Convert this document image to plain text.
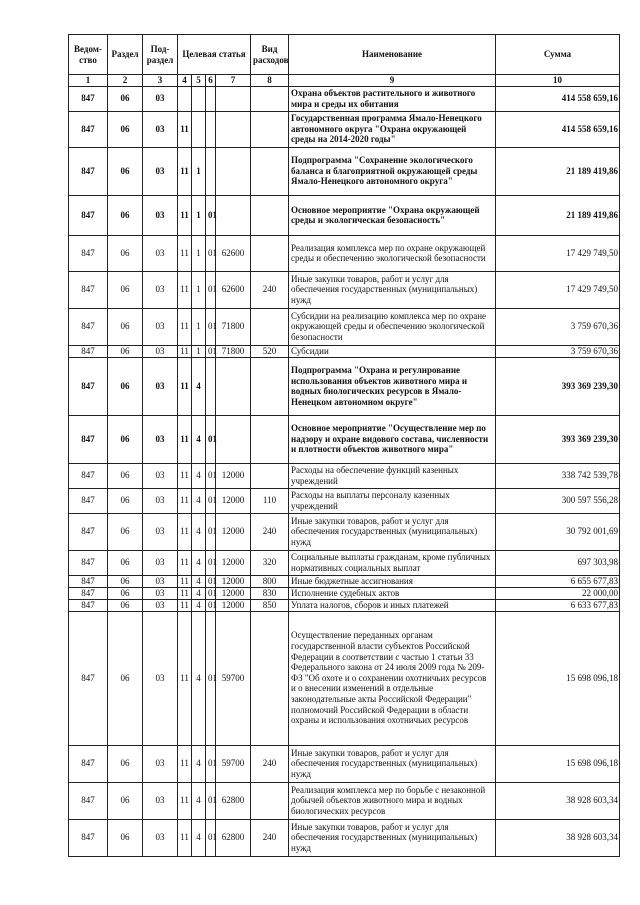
Ведом-ство	Раздел	Под-раздел	Целевая статья				Вид расходов	Наименование	Сумма
1	2	3	4	5	6	7	8	9	10
847	06	03						Охрана объектов растительного и животного мира и среды их обитания	414 558 659,16
847	06	03	11					Государственная программа Ямало-Ненецкого автономного округа "Охрана окружающей среды на 2014-2020 годы"	414 558 659,16
847	06	03	11	1				Подпрограмма "Сохранение экологического баланса и благоприятной окружающей среды Ямало-Ненецкого автономного округа"	21 189 419,86
847	06	03	11	1	01			Основное мероприятие "Охрана окружающей среды и экологическая безопасность"	21 189 419,86
847	06	03	11	1	01	62600		Реализация комплекса мер по охране окружающей среды и обеспечению экологической безопасности	17 429 749,50
847	06	03	11	1	01	62600	240	Иные закупки товаров, работ и услуг для обеспечения государственных (муниципальных) нужд	17 429 749,50
847	06	03	11	1	01	71800		Субсидии на реализацию комплекса мер по охране окружающей среды и обеспечению экологической безопасности	3 759 670,36
847	06	03	11	1	01	71800	520	Субсидии	3 759 670,36
847	06	03	11	4				Подпрограмма "Охрана и регулирование использования объектов животного мира и водных биологических ресурсов в Ямало-Ненецком автономном округе"	393 369 239,30
847	06	03	11	4	01			Основное мероприятие "Осуществление мер по надзору и охране видового состава, численности и плотности объектов животного мира"	393 369 239,30
847	06	03	11	4	01	12000		Расходы на обеспечение функций казенных учреждений	338 742 539,78
847	06	03	11	4	01	12000	110	Расходы на выплаты персоналу казенных учреждений	300 597 556,28
847	06	03	11	4	01	12000	240	Иные закупки товаров, работ и услуг для обеспечения государственных (муниципальных) нужд	30 792 001,69
847	06	03	11	4	01	12000	320	Социальные выплаты гражданам, кроме публичных нормативных социальных выплат	697 303,98
847	06	03	11	4	01	12000	800	Иные бюджетные ассигнования	6 655 677,83
847	06	03	11	4	01	12000	830	Исполнение судебных актов	22 000,00
847	06	03	11	4	01	12000	850	Уплата налогов, сборов и иных платежей	6 633 677,83
847	06	03	11	4	01	59700		Осуществление переданных органам государственной власти субъектов Российской Федерации в соответствии с частью 1 статьи 33 Федерального закона от 24 июля 2009 года № 209-ФЗ "Об охоте и о сохранении охотничьих ресурсов и о внесении изменений в отдельные законодательные акты Российской Федерации" полномочий Российской Федерации в области охраны и использования охотничьих ресурсов	15 698 096,18
847	06	03	11	4	01	59700	240	Иные закупки товаров, работ и услуг для обеспечения государственных (муниципальных) нужд	15 698 096,18
847	06	03	11	4	01	62800		Реализация комплекса мер по борьбе с незаконной добычей объектов животного мира и водных биологических ресурсов	38 928 603,34
847	06	03	11	4	01	62800	240	Иные закупки товаров, работ и услуг для обеспечения государственных (муниципальных) нужд	38 928 603,34
